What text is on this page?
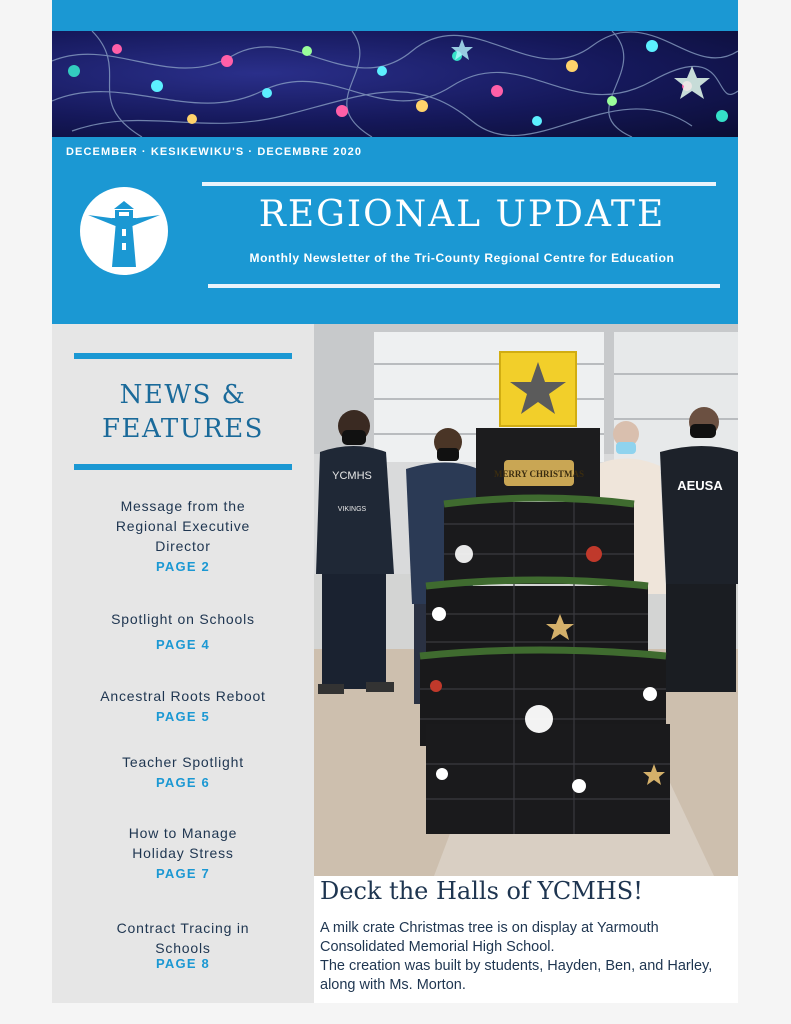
DECEMBER · KESIKEWIKU'S · DECEMBRE 2020
REGIONAL UPDATE
Monthly Newsletter of the Tri-County Regional Centre for Education
NEWS &
FEATURES
Message from the
Regional Executive
Director
PAGE 2
Spotlight on Schools
PAGE 4
Ancestral Roots Reboot
PAGE 5
Teacher Spotlight
PAGE 6
How to Manage
Holiday Stress
PAGE 7
Contract Tracing in
Schools
PAGE 8
YCMHS
VIKINGS
AEUSA
MERRY CHRISTMAS
Deck the Halls of YCMHS!
A milk crate Christmas tree is on display at Yarmouth Consolidated Memorial High School.
The creation was built by students, Hayden, Ben, and Harley, along with Ms. Morton.
